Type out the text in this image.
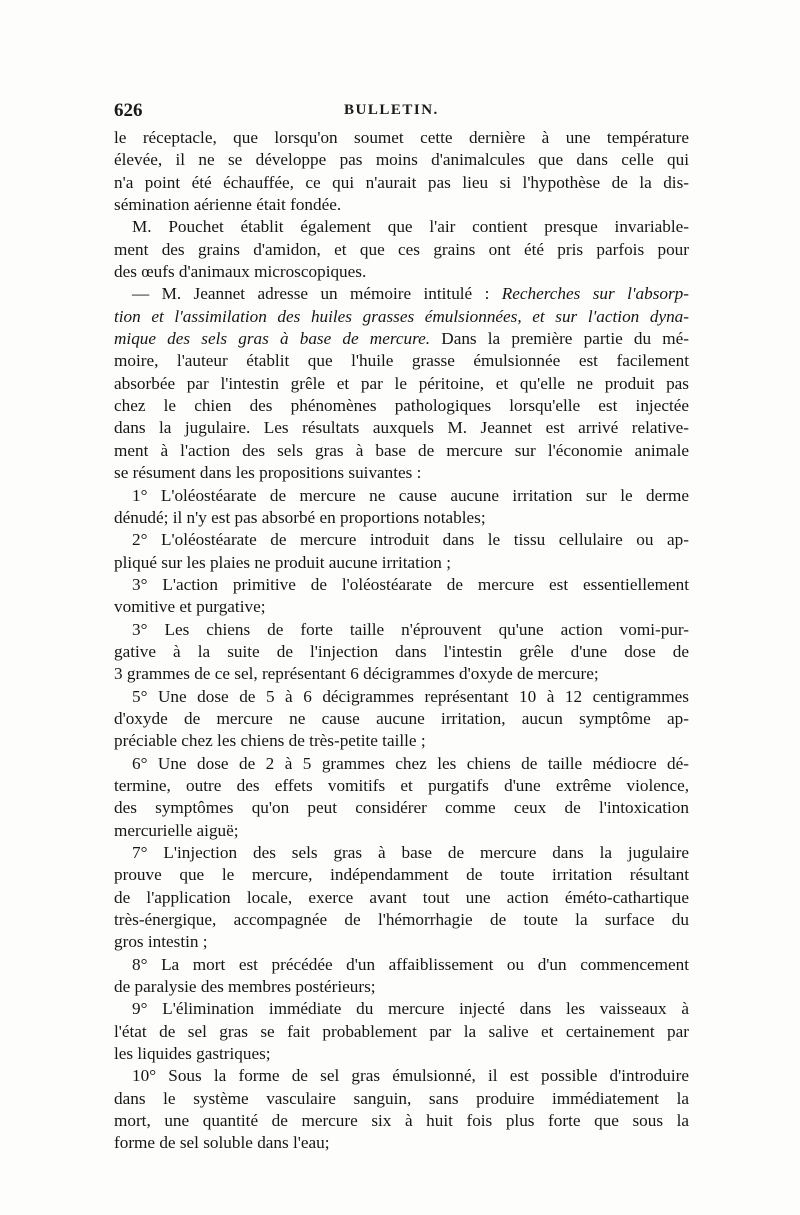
626	BULLETIN.
le réceptacle, que lorsqu'on soumet cette dernière à une température
élevée, il ne se développe pas moins d'animalcules que dans celle qui
n'a point été échauffée, ce qui n'aurait pas lieu si l'hypothèse de la dis-
sémination aérienne était fondée.
M. Pouchet établit également que l'air contient presque invariable-
ment des grains d'amidon, et que ces grains ont été pris parfois pour
des œufs d'animaux microscopiques.
— M. Jeannet adresse un mémoire intitulé : Recherches sur l'absorp-
tion et l'assimilation des huiles grasses émulsionnées, et sur l'action dyna-
mique des sels gras à base de mercure. Dans la première partie du mé-
moire, l'auteur établit que l'huile grasse émulsionnée est facilement
absorbée par l'intestin grêle et par le péritoine, et qu'elle ne produit pas
chez le chien des phénomènes pathologiques lorsqu'elle est injectée
dans la jugulaire. Les résultats auxquels M. Jeannet est arrivé relative-
ment à l'action des sels gras à base de mercure sur l'économie animale
se résument dans les propositions suivantes :
1° L'oléostéarate de mercure ne cause aucune irritation sur le derme
dénudé; il n'y est pas absorbé en proportions notables;
2° L'oléostéarate de mercure introduit dans le tissu cellulaire ou ap-
pliqué sur les plaies ne produit aucune irritation ;
3° L'action primitive de l'oléostéarate de mercure est essentiellement
vomitive et purgative;
3° Les chiens de forte taille n'éprouvent qu'une action vomi-pur-
gative à la suite de l'injection dans l'intestin grêle d'une dose de
3 grammes de ce sel, représentant 6 décigrammes d'oxyde de mercure;
5° Une dose de 5 à 6 décigrammes représentant 10 à 12 centigrammes
d'oxyde de mercure ne cause aucune irritation, aucun symptôme ap-
préciable chez les chiens de très-petite taille ;
6° Une dose de 2 à 5 grammes chez les chiens de taille médiocre dé-
termine, outre des effets vomitifs et purgatifs d'une extrême violence,
des symptômes qu'on peut considérer comme ceux de l'intoxication
mercurielle aiguë;
7° L'injection des sels gras à base de mercure dans la jugulaire
prouve que le mercure, indépendamment de toute irritation résultant
de l'application locale, exerce avant tout une action éméto-cathartique
très-énergique, accompagnée de l'hémorrhagie de toute la surface du
gros intestin ;
8° La mort est précédée d'un affaiblissement ou d'un commencement
de paralysie des membres postérieurs;
9° L'élimination immédiate du mercure injecté dans les vaisseaux à
l'état de sel gras se fait probablement par la salive et certainement par
les liquides gastriques;
10° Sous la forme de sel gras émulsionné, il est possible d'introduire
dans le système vasculaire sanguin, sans produire immédiatement la
mort, une quantité de mercure six à huit fois plus forte que sous la
forme de sel soluble dans l'eau;
